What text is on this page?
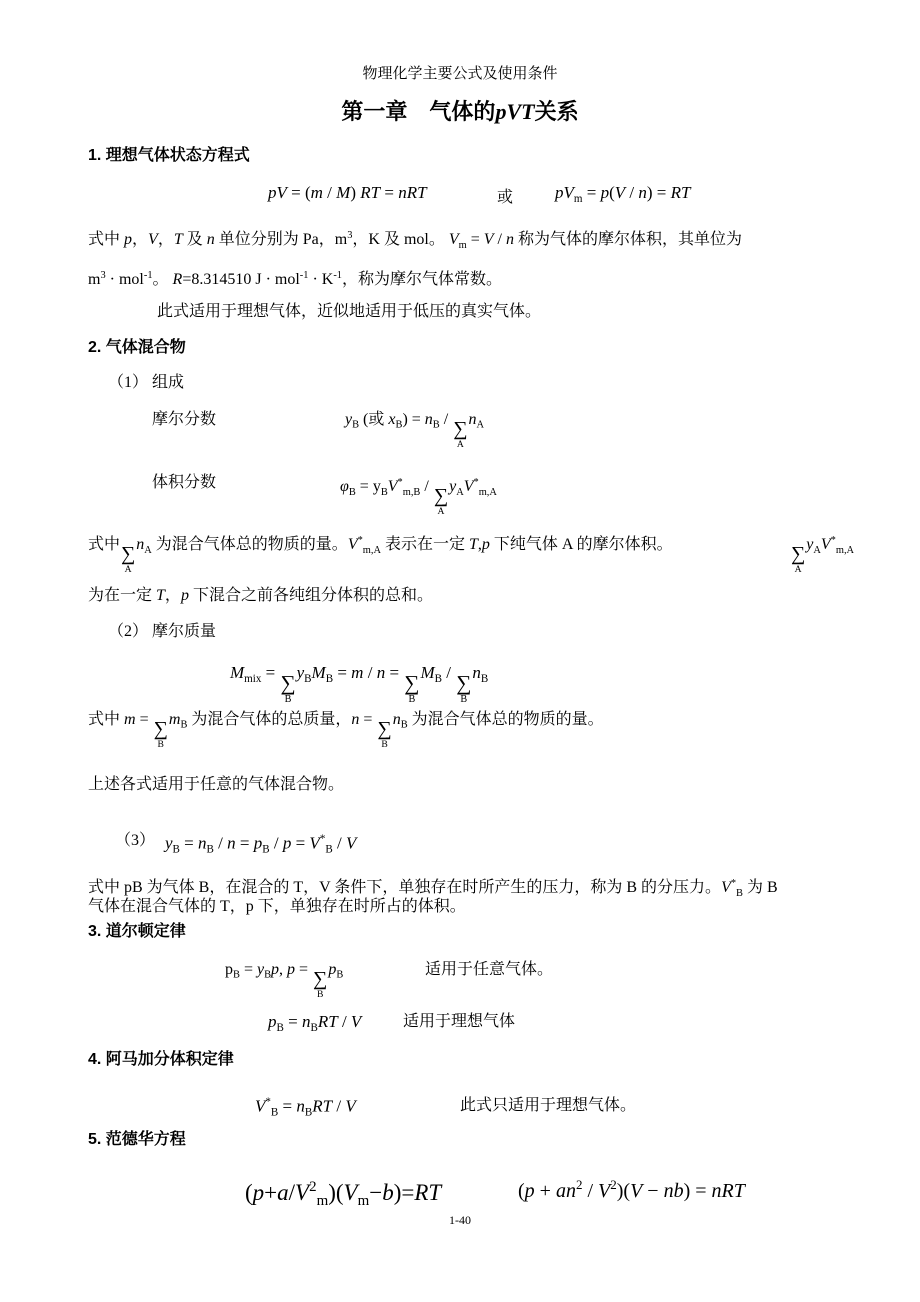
物理化学主要公式及使用条件
第一章　气体的pVT关系
1. 理想气体状态方程式
pV = (m / M) RT = nRT	或 $pV_m = p(V / n)$ = RT
式中 p，V，T 及 n 单位分别为 Pa，$m^3$，K 及 mol。 $V_m = V / n$ 称为气体的摩尔体积，其单位为
$m^3 \cdot mol^{-1}$。 R=8.314510 $J \cdot mol^{-1} \cdot K^{-1}$，称为摩尔气体常数。
此式适用于理想气体，近似地适用于低压的真实气体。
2. 气体混合物
（1） 组成
摩尔分数	$y_B$ (或 $x_B) = n_B$ / ∑
A
$n_A$
体积分数	$\varphi_B = y_BV^*_{m,B}$ / ∑
A
$y_AV^*_{m,A}$
式中 ∑
A
$n_A$ 为混合气体总的物质的量。$V^*_{m,A}$ 表示在一定 T,p 下纯气体 A 的摩尔体积。	∑
A
$y_AV^*_{m,A}$
为在一定 T，p 下混合之前各纯组分体积的总和。
（2） 摩尔质量
$M_{mix}$ = ∑
B
$y_BM_B = m / n$ = ∑
B
$M_B$ / ∑
B
$n_B$
式中 m = ∑
B
$m_B$ 为混合气体的总质量，n = ∑
B
$n_B$ 为混合气体总的物质的量。
上述各式适用于任意的气体混合物。
（3） $y_B = n_B / n = p_B / p = V^*_B / V$
式中 pB 为气体 B，在混合的 T，V 条件下，单独存在时所产生的压力，称为 B 的分压力。$V^*_B$ 为 B
气体在混合气体的 T，p 下，单独存在时所占的体积。
3. 道尔顿定律
$p_B = y_Bp$, p = ∑
B
$p_B$	适用于任意气体。
$p_B = n_BRT / V$	适用于理想气体
4. 阿马加分体积定律
$V^*_B = n_BRT / V$	此式只适用于理想气体。
5. 范德华方程
$(p+a/V^2_m)(V_m-b)=RT$	$(p + an^2 / V^2)(V - nb)$ = nRT
1-40
